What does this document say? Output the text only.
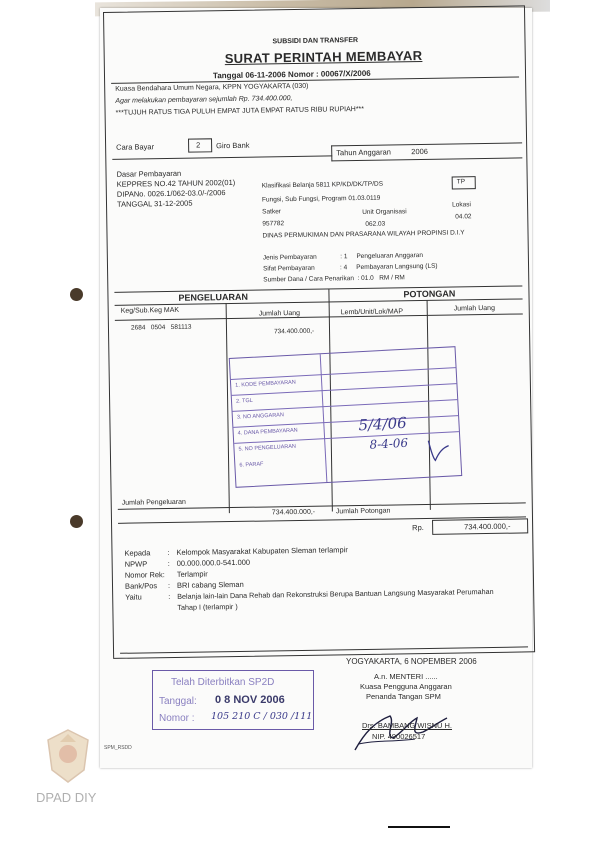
SUBSIDI DAN TRANSFER
SURAT PERINTAH MEMBAYAR
Tanggal 06-11-2006 Nomor : 00067/X/2006
Kuasa Bendahara Umum Negara, KPPN YOGYAKARTA (030)
Agar melakukan pembayaran sejumlah Rp. 734.400.000,
***TUJUH RATUS TIGA PULUH EMPAT JUTA EMPAT RATUS RIBU RUPIAH***
Cara Bayar	2 Giro Bank
Tahun Anggaran	2006
Dasar Pembayaran
KEPPRES NO.42 TAHUN 2002(01)
DIPANo. 0026.1/062-03.0/-/2006
TANGGAL 31-12-2005
Klasifikasi Belanja 5811 KP/KD/DK/TP/DS	TP
Fungsi, Sub Fungsi, Program 01.03.0119
Lokasi
Satker	Unit Organisasi
04.02
957782	062.03
DINAS PERMUKIMAN DAN PRASARANA WILAYAH PROPINSI D.I.Y
Jenis Pembayaran             : 1     Pengeluaran Anggaran
Sifat Pembayaran              : 4     Pembayaran Langsung (LS)
Sumber Dana / Cara Penarikan  : 01.0   RM / RM
PENGELUARAN	POTONGAN
Keg/Sub.Keg MAK	Jumlah Uang	Lemb/Unit/Lok/MAP	Jumlah Uang
2684   0504   581113	734.400.000,-
Jumlah Pengeluaran
734.400.000,-	Jumlah Potongan
Rp.	734.400.000,-
Kepada : Kelompok Masyarakat Kabupaten Sleman terlampir
NPWP	: 00.000.000.0-541.000
Nomor Rek: Terlampir
Bank/Pos : BRI cabang Sleman
Yaitu	: Belanja lain-lain Dana Rehab dan Rekonstruksi Berupa Bantuan Langsung Masyarakat Perumahan
Tahap I (terlampir )
1. KODE PEMBAYARAN
2. TGL
3. NO ANGGARAN
4. DANA PEMBAYARAN
5. NO PENGELUARAN
6. PARAF
5/4/06
8-4-06
YOGYAKARTA, 6 NOPEMBER 2006
A.n. MENTERI ......
Kuasa Pengguna Anggaran
Penanda Tangan SPM
Drs. BAMBANG WISNU H.
NIP. 490026517
Telah Diterbitkan SP2D
Tanggal: 0 8 NOV 2006
Nomor : 105 210 C / 030 /111
SPM_RSDD
DPAD DIY
